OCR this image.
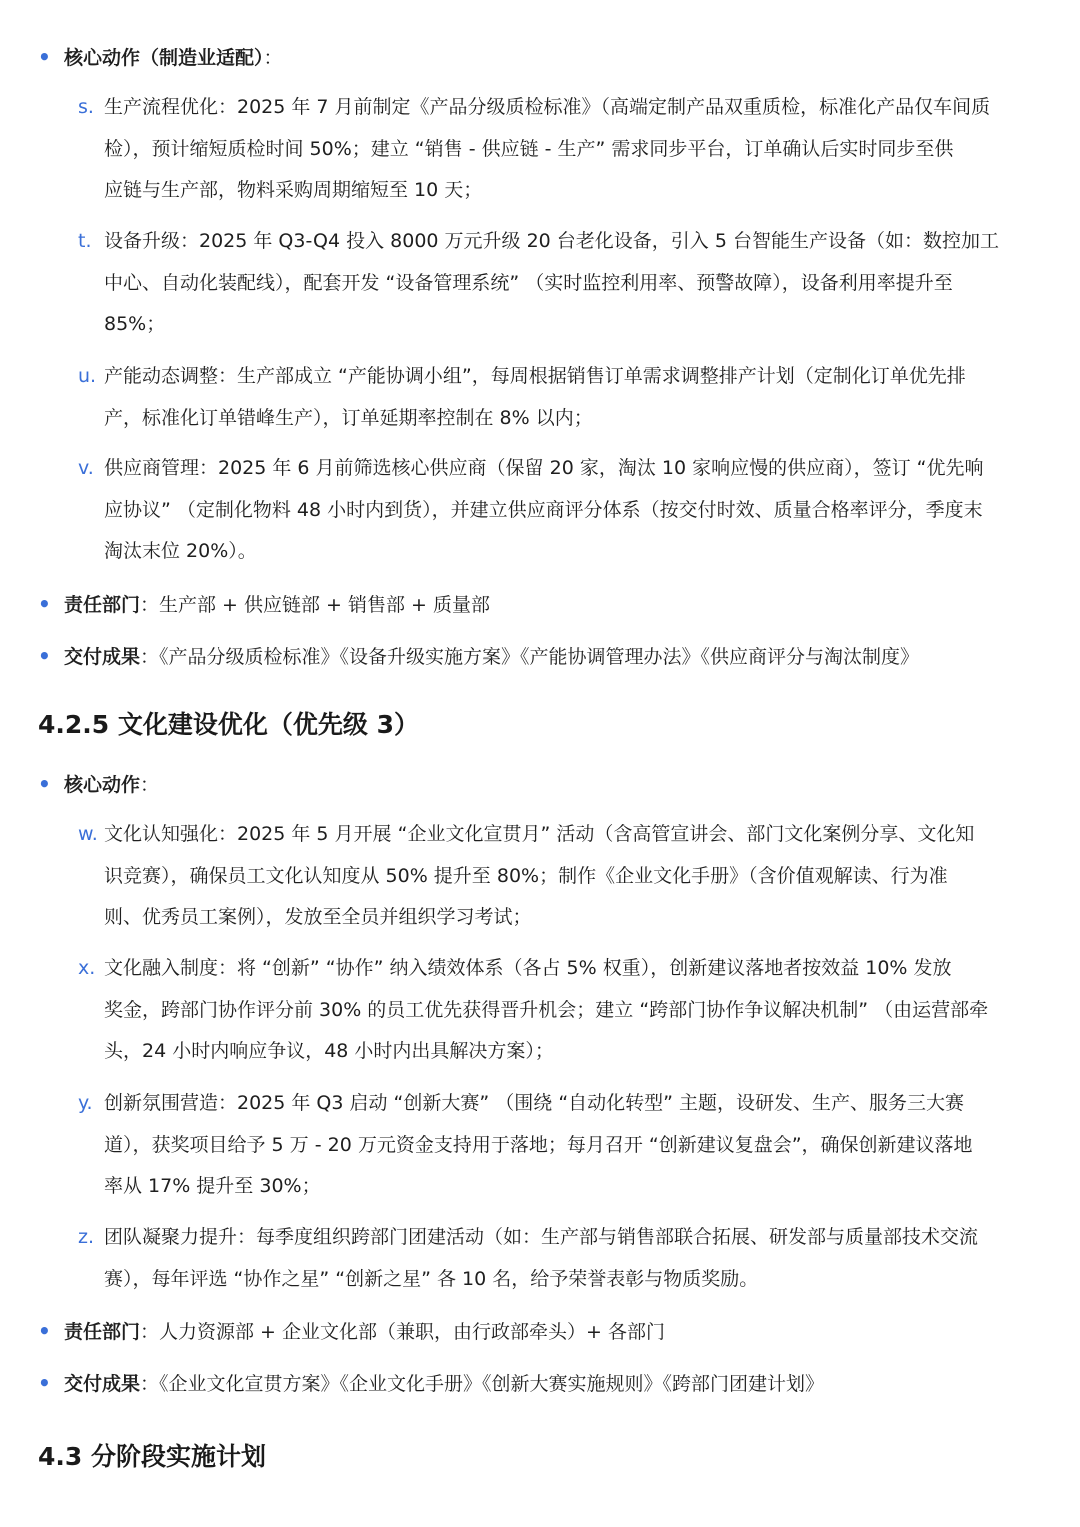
• 核心动作（制造业适配）：
s. 生产流程优化：2025 年 7 月前制定《产品分级质检标准》（高端定制产品双重质检，标准化产品仅车间质
检），预计缩短质检时间 50%；建立 “销售 - 供应链 - 生产” 需求同步平台，订单确认后实时同步至供
应链与生产部，物料采购周期缩短至 10 天；
t. 设备升级：2025 年 Q3-Q4 投入 8000 万元升级 20 台老化设备，引入 5 台智能生产设备（如：数控加工
中心、自动化装配线），配套开发 “设备管理系统” （实时监控利用率、预警故障），设备利用率提升至
85%；
u. 产能动态调整：生产部成立 “产能协调小组”，每周根据销售订单需求调整排产计划（定制化订单优先排
产，标准化订单错峰生产），订单延期率控制在 8% 以内；
v. 供应商管理：2025 年 6 月前筛选核心供应商（保留 20 家，淘汰 10 家响应慢的供应商），签订 “优先响
应协议” （定制化物料 48 小时内到货），并建立供应商评分体系（按交付时效、质量合格率评分，季度末
淘汰末位 20%）。
• 责任部门：生产部 + 供应链部 + 销售部 + 质量部
• 交付成果：《产品分级质检标准》《设备升级实施方案》《产能协调管理办法》《供应商评分与淘汰制度》
4.2.5 文化建设优化（优先级 3）
• 核心动作：
w. 文化认知强化：2025 年 5 月开展 “企业文化宣贯月” 活动（含高管宣讲会、部门文化案例分享、文化知
识竞赛），确保员工文化认知度从 50% 提升至 80%；制作《企业文化手册》（含价值观解读、行为准
则、优秀员工案例），发放至全员并组织学习考试；
x. 文化融入制度：将 “创新” “协作” 纳入绩效体系（各占 5% 权重），创新建议落地者按效益 10% 发放
奖金，跨部门协作评分前 30% 的员工优先获得晋升机会；建立 “跨部门协作争议解决机制” （由运营部牵
头，24 小时内响应争议，48 小时内出具解决方案）；
y. 创新氛围营造：2025 年 Q3 启动 “创新大赛” （围绕 “自动化转型” 主题，设研发、生产、服务三大赛
道），获奖项目给予 5 万 - 20 万元资金支持用于落地；每月召开 “创新建议复盘会”，确保创新建议落地
率从 17% 提升至 30%；
z. 团队凝聚力提升：每季度组织跨部门团建活动（如：生产部与销售部联合拓展、研发部与质量部技术交流
赛），每年评选 “协作之星” “创新之星” 各 10 名，给予荣誉表彰与物质奖励。
• 责任部门：人力资源部 + 企业文化部（兼职，由行政部牵头）+ 各部门
• 交付成果：《企业文化宣贯方案》《企业文化手册》《创新大赛实施规则》《跨部门团建计划》
4.3 分阶段实施计划
